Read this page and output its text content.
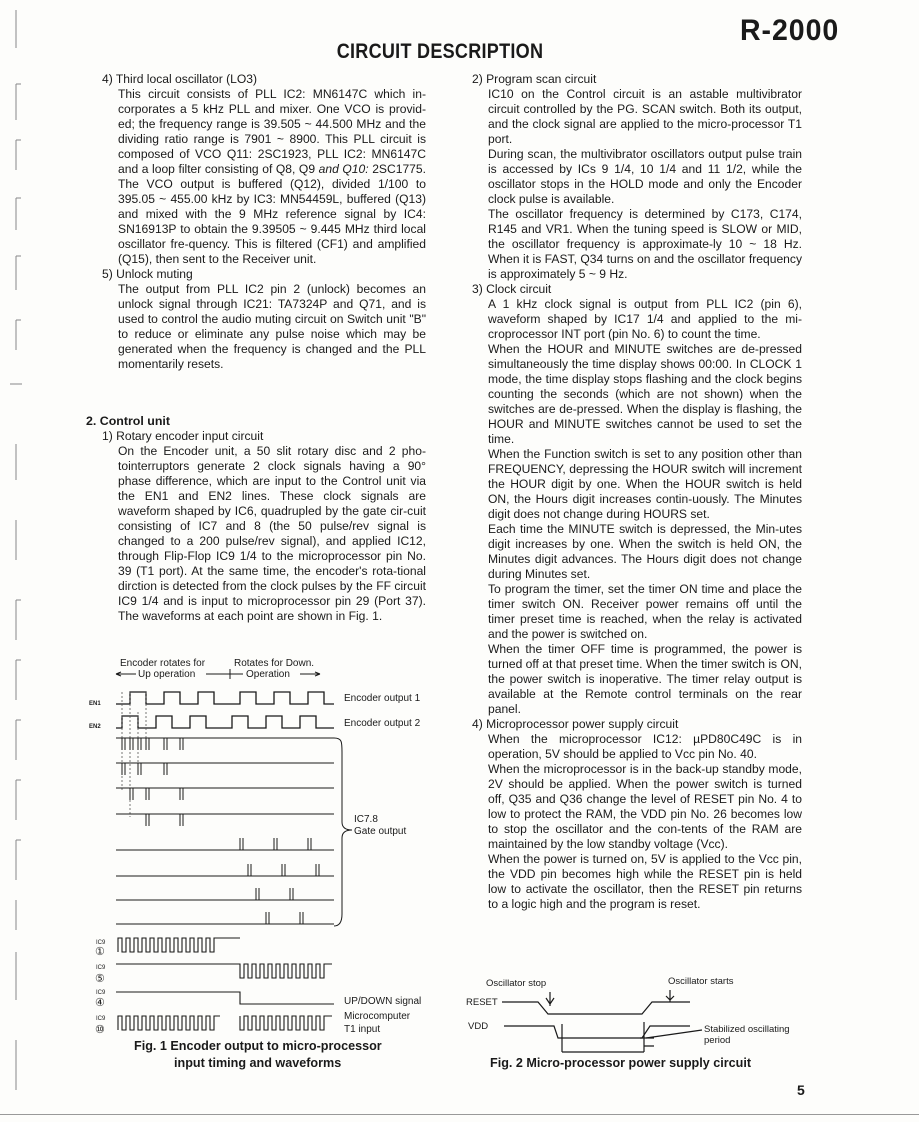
R-2000
CIRCUIT DESCRIPTION

4) Third local oscillator (LO3)

This circuit consists of PLL IC2: MN6147C which in-corporates a 5 kHz PLL and mixer. One VCO is provid-ed; the frequency range is 39.505 ~ 44.500 MHz and the dividing ratio range is 7901 ~ 8900. This PLL circuit is composed of VCO Q11: 2SC1923, PLL IC2: MN6147C and a loop filter consisting of Q8, Q9 and Q10: 2SC1775. The VCO output is buffered (Q12), divided 1/100 to 395.05 ~ 455.00 kHz by IC3: MN54459L, buffered (Q13) and mixed with the 9 MHz reference signal by IC4: SN16913P to obtain the 9.39505 ~ 9.445 MHz third local oscillator fre-quency. This is filtered (CF1) and amplified (Q15), then sent to the Receiver unit.

5) Unlock muting

The output from PLL IC2 pin 2 (unlock) becomes an unlock signal through IC21: TA7324P and Q71, and is used to control the audio muting circuit on Switch unit "B" to reduce or eliminate any pulse noise which may be generated when the frequency is changed and the PLL momentarily resets.

2. Control unit

1) Rotary encoder input circuit

On the Encoder unit, a 50 slit rotary disc and 2 pho-tointerruptors generate 2 clock signals having a 90° phase difference, which are input to the Control unit via the EN1 and EN2 lines. These clock signals are waveform shaped by IC6, quadrupled by the gate cir-cuit consisting of IC7 and 8 (the 50 pulse/rev signal is changed to a 200 pulse/rev signal), and applied IC12, through Flip-Flop IC9 1/4 to the microprocessor pin No. 39 (T1 port). At the same time, the encoder's rota-tional dirction is detected from the clock pulses by the FF circuit IC9 1/4 and is input to microprocessor pin 29 (Port 37). The waveforms at each point are shown in Fig. 1.

Encoder rotates for	Rotates for Down.
Up operation	Operation
EN1
EN2
Encoder output 1
Encoder output 2
IC7.8
Gate output
IC9
①
IC9
⑤
IC9
④
IC9
⑩
UP/DOWN signal
Microcomputer
T1 input
Fig. 1 Encoder output to micro-processor
input timing and waveforms

2) Program scan circuit

IC10 on the Control circuit is an astable multivibrator circuit controlled by the PG. SCAN switch. Both its output, and the clock signal are applied to the micro-processor T1 port.

During scan, the multivibrator oscillators output pulse train is accessed by ICs 9 1/4, 10 1/4 and 11 1/2, while the oscillator stops in the HOLD mode and only the Encoder clock pulse is available.

The oscillator frequency is determined by C173, C174, R145 and VR1. When the tuning speed is SLOW or MID, the oscillator frequency is approximate-ly 10 ~ 18 Hz. When it is FAST, Q34 turns on and the oscillator frequency is approximately 5 ~ 9 Hz.

3) Clock circuit

A 1 kHz clock signal is output from PLL IC2 (pin 6), waveform shaped by IC17 1/4 and applied to the mi-croprocessor INT port (pin No. 6) to count the time.

When the HOUR and MINUTE switches are de-pressed simultaneously the time display shows 00:00. In CLOCK 1 mode, the time display stops flashing and the clock begins counting the seconds (which are not shown) when the switches are de-pressed. When the display is flashing, the HOUR and MINUTE switches cannot be used to set the time.

When the Function switch is set to any position other than FREQUENCY, depressing the HOUR switch will increment the HOUR digit by one. When the HOUR switch is held ON, the Hours digit increases contin-uously. The Minutes digit does not change during HOURS set.

Each time the MINUTE switch is depressed, the Min-utes digit increases by one. When the switch is held ON, the Minutes digit advances. The Hours digit does not change during Minutes set.

To program the timer, set the timer ON time and place the timer switch ON. Receiver power remains off until the timer preset time is reached, when the relay is activated and the power is switched on.

When the timer OFF time is programmed, the power is turned off at that preset time. When the timer switch is ON, the power switch is inoperative. The timer relay output is available at the Remote control terminals on the rear panel.

4) Microprocessor power supply circuit

When the microprocessor IC12: µPD80C49C is in operation, 5V should be applied to Vcc pin No. 40.

When the microprocessor is in the back-up standby mode, 2V should be applied. When the power switch is turned off, Q35 and Q36 change the level of RESET pin No. 4 to low to protect the RAM, the VDD pin No. 26 becomes low to stop the oscillator and the con-tents of the RAM are maintained by the low standby voltage (Vcc).

When the power is turned on, 5V is applied to the Vcc pin, the VDD pin becomes high while the RESET pin is held low to activate the oscillator, then the RESET pin returns to a logic high and the program is reset.

Oscillator stop	Oscillator starts
RESET
VDD	Stabilized oscillating
period
Fig. 2 Micro-processor power supply circuit
5
